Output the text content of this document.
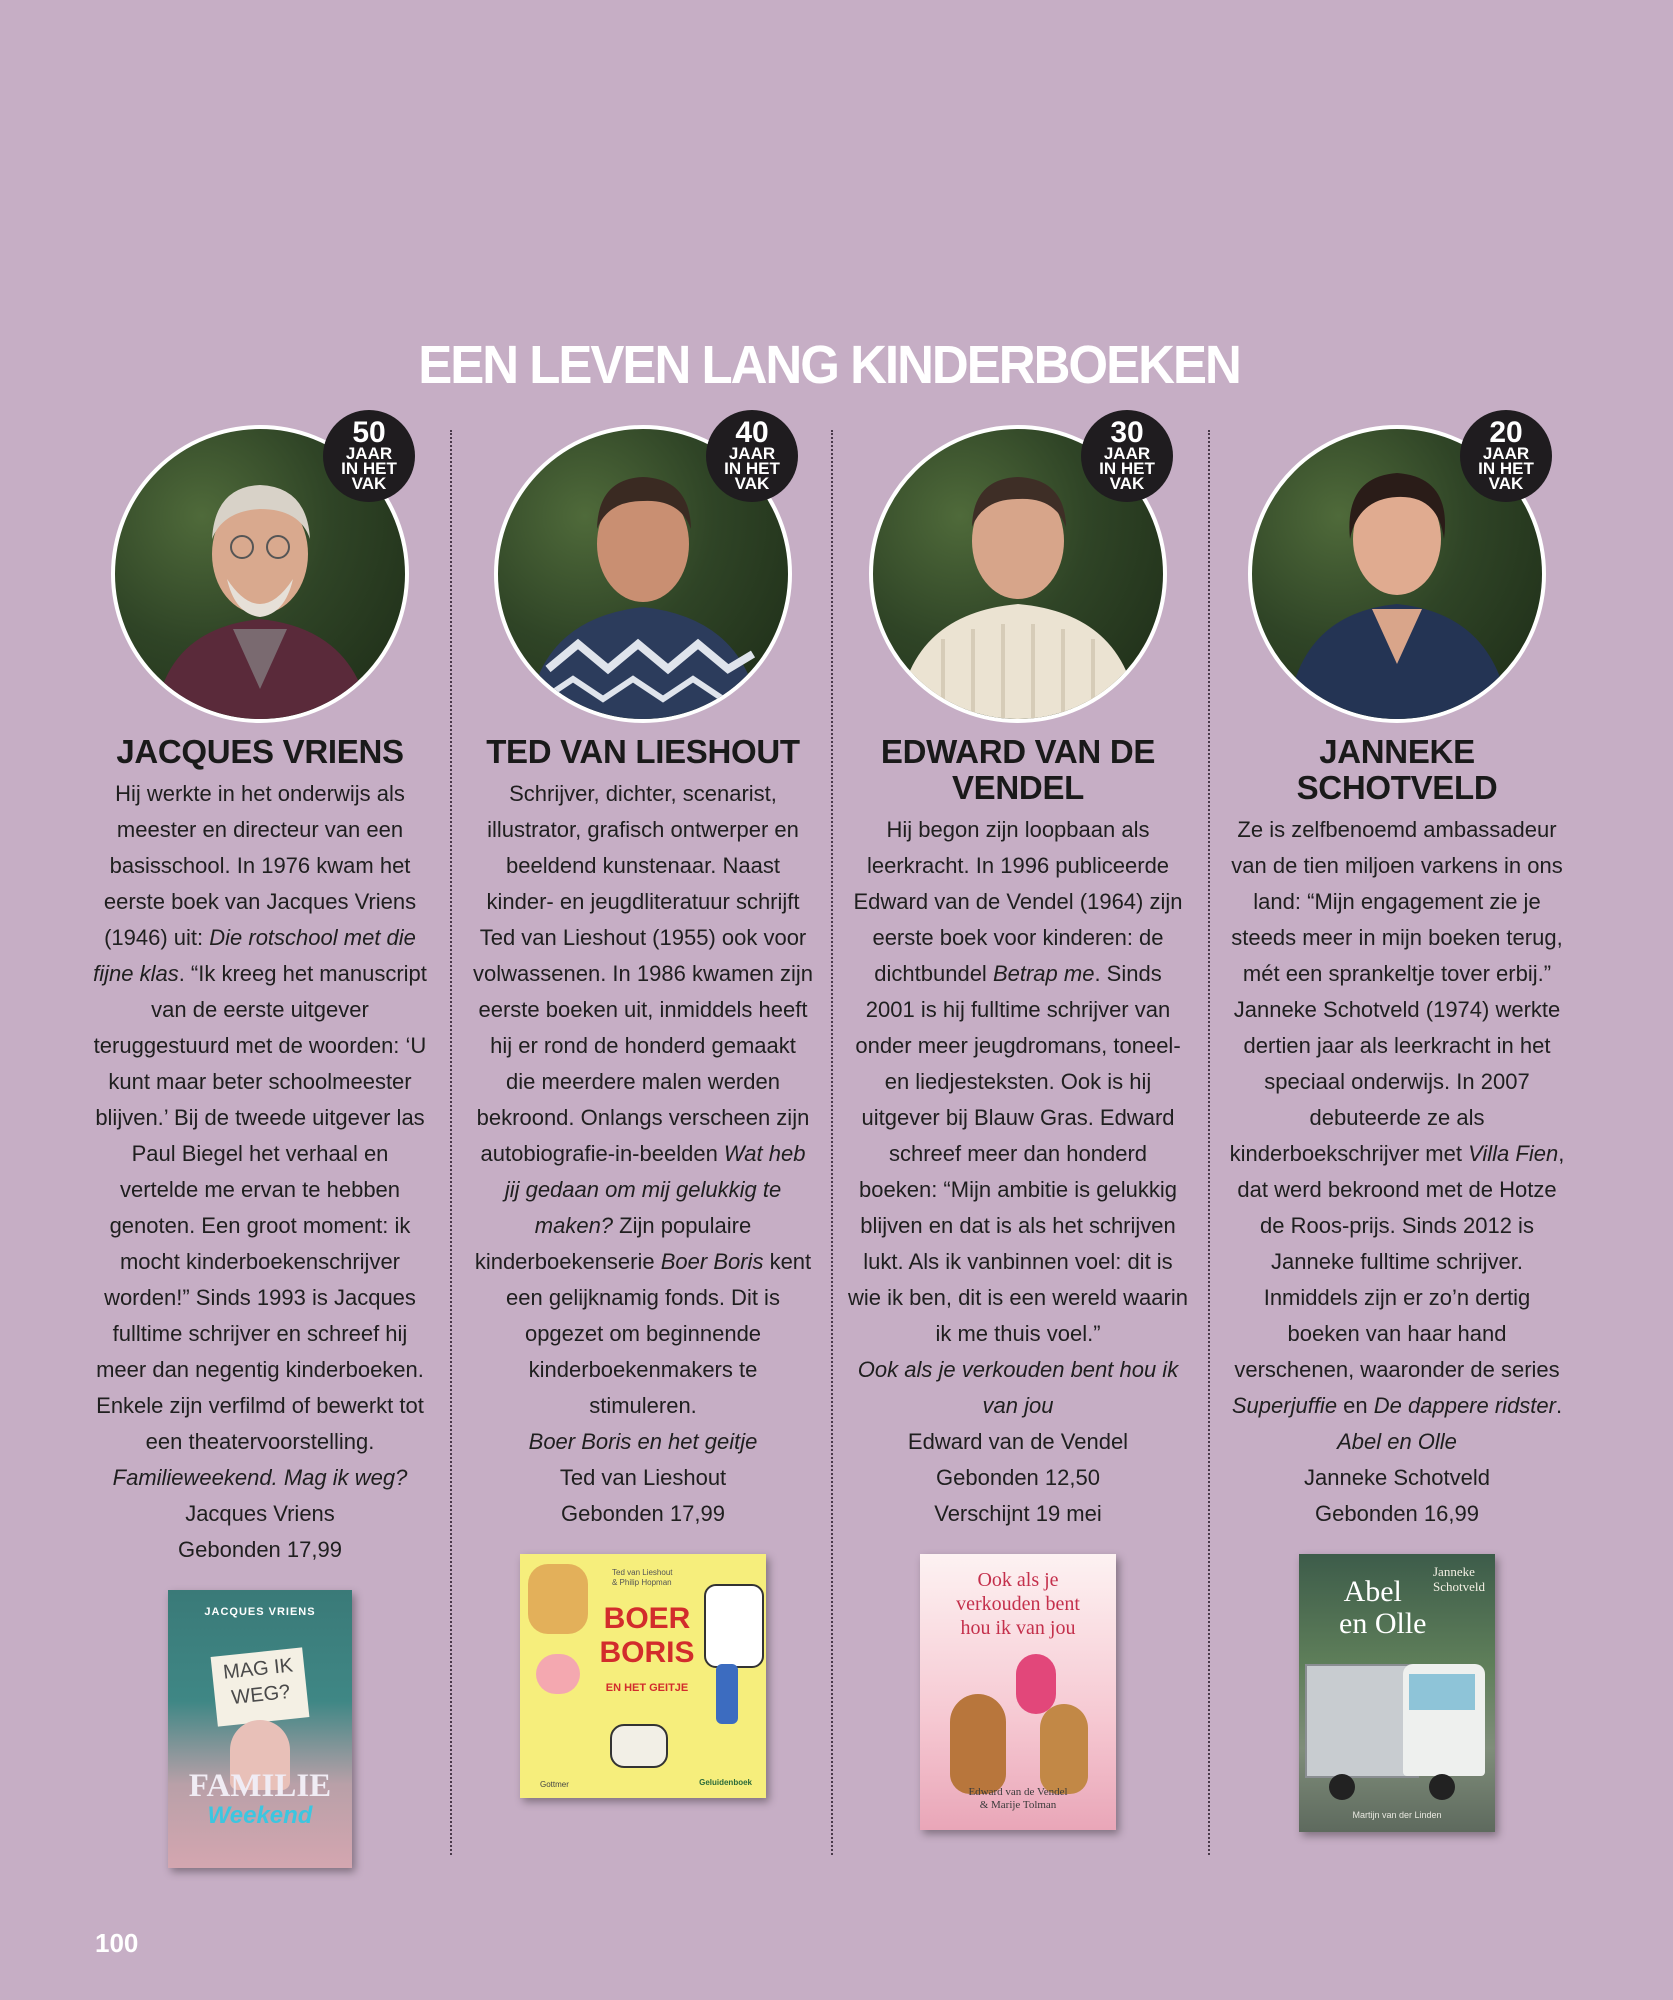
EEN LEVEN LANG KINDERBOEKEN
50
JAAR
IN HET
VAK
JACQUES VRIENS

Hij werkte in het onderwijs als meester en directeur van een basisschool. In 1976 kwam het eerste boek van Jacques Vriens (1946) uit: Die rotschool met die fijne klas. “Ik kreeg het manuscript van de eerste uitgever teruggestuurd met de woorden: ‘U kunt maar beter schoolmeester blijven.’ Bij de tweede uitgever las Paul Biegel het verhaal en vertelde me ervan te hebben genoten. Een groot moment: ik mocht kinderboekenschrijver worden!” Sinds 1993 is Jacques fulltime schrijver en schreef hij meer dan negentig kinderboeken. Enkele zijn verfilmd of bewerkt tot een theatervoorstelling.

Familieweekend. Mag ik weg?

Jacques Vriens

Gebonden 17,99

JACQUES VRIENS
MAG IK
WEG?
FAMILIE
Weekend
40
JAAR
IN HET
VAK
TED VAN LIESHOUT

Schrijver, dichter, scenarist, illustrator, grafisch ontwerper en beeldend kunstenaar. Naast kinder- en jeugdliteratuur schrijft Ted van Lieshout (1955) ook voor volwassenen. In 1986 kwamen zijn eerste boeken uit, inmiddels heeft hij er rond de honderd gemaakt die meerdere malen werden bekroond. Onlangs verscheen zijn autobiografie-in-beelden Wat heb jij gedaan om mij gelukkig te maken? Zijn populaire kinderboekenserie Boer Boris kent een gelijknamig fonds. Dit is opgezet om beginnende kinderboekenmakers te stimuleren.

Boer Boris en het geitje

Ted van Lieshout

Gebonden 17,99

Ted van Lieshout
& Philip Hopman
BOER
BORIS
EN HET GEITJE
Gottmer	Geluidenboek
30
JAAR
IN HET
VAK
EDWARD VAN DE VENDEL

Hij begon zijn loopbaan als leerkracht. In 1996 publiceerde Edward van de Vendel (1964) zijn eerste boek voor kinderen: de dichtbundel Betrap me. Sinds 2001 is hij fulltime schrijver van onder meer jeugdromans, toneel- en liedjesteksten. Ook is hij uitgever bij Blauw Gras. Edward schreef meer dan honderd boeken: “Mijn ambitie is gelukkig blijven en dat is als het schrijven lukt. Als ik vanbinnen voel: dit is wie ik ben, dit is een wereld waarin ik me thuis voel.”

Ook als je verkouden bent hou ik van jou

Edward van de Vendel

Gebonden 12,50

Verschijnt 19 mei

Ook als je
verkouden bent
hou ik van jou
Edward van de Vendel
& Marije Tolman
20
JAAR
IN HET
VAK
JANNEKE SCHOTVELD

Ze is zelfbenoemd ambassadeur van de tien miljoen varkens in ons land: “Mijn engagement zie je steeds meer in mijn boeken terug, mét een sprankeltje tover erbij.” Janneke Schotveld (1974) werkte dertien jaar als leerkracht in het speciaal onderwijs. In 2007 debuteerde ze als kinderboekschrijver met Villa Fien, dat werd bekroond met de Hotze de Roos-prijs. Sinds 2012 is Janneke fulltime schrijver. Inmiddels zijn er zo’n dertig boeken van haar hand verschenen, waaronder de series Superjuffie en De dappere ridster.

Abel en Olle

Janneke Schotveld

Gebonden 16,99

Janneke
Schotveld
Abel
en Olle
Martijn van der Linden
100
